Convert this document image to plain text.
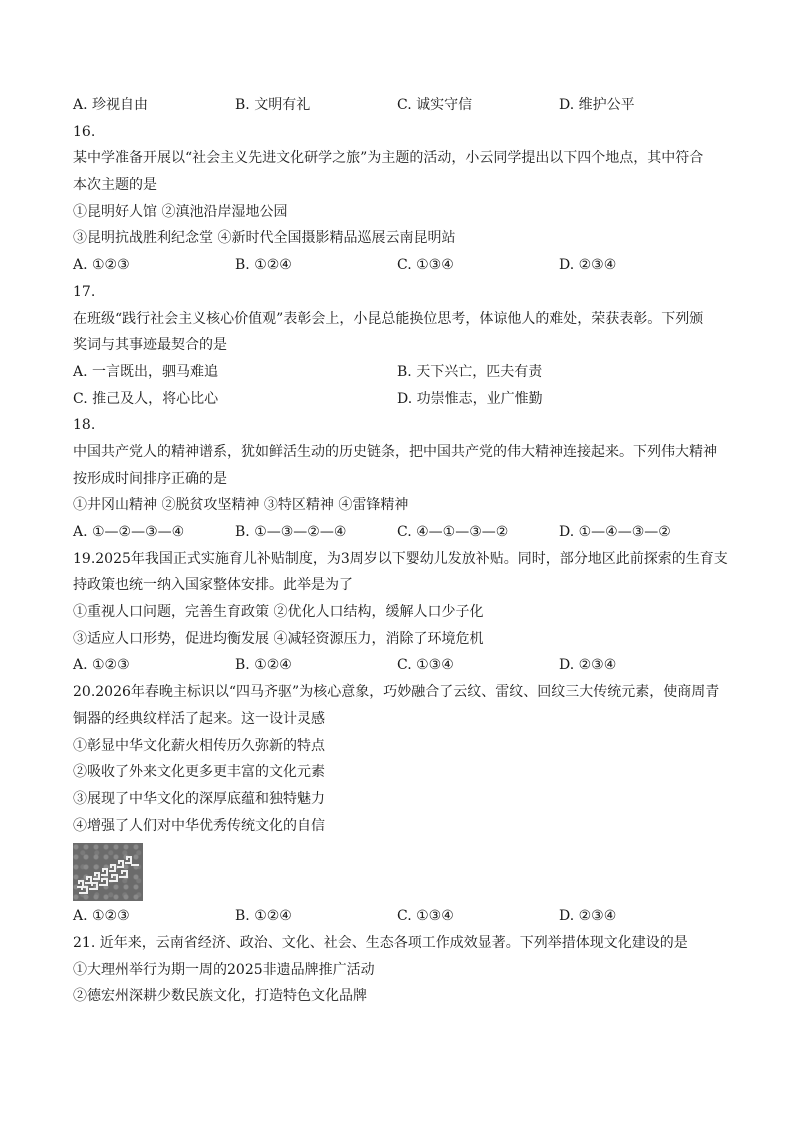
A. 珍视自由	B. 文明有礼	C. 诚实守信	D. 维护公平
16.
某中学准备开展以“社会主义先进文化研学之旅”为主题的活动，小云同学提出以下四个地点，其中符合
本次主题的是
①昆明好人馆 ②滇池沿岸湿地公园
③昆明抗战胜利纪念堂 ④新时代全国摄影精品巡展云南昆明站
A. ①②③	B. ①②④	C. ①③④	D. ②③④
17.
在班级“践行社会主义核心价值观”表彰会上，小昆总能换位思考，体谅他人的难处，荣获表彰。下列颁
奖词与其事迹最契合的是
A. 一言既出，驷马难追	B. 天下兴亡，匹夫有责
C. 推己及人，将心比心	D. 功崇惟志，业广惟勤
18.
中国共产党人的精神谱系，犹如鲜活生动的历史链条，把中国共产党的伟大精神连接起来。下列伟大精神
按形成时间排序正确的是
①井冈山精神 ②脱贫攻坚精神 ③特区精神 ④雷锋精神
A. ①—②—③—④	B. ①—③—②—④	C. ④—①—③—②	D. ①—④—③—②
19.2025年我国正式实施育儿补贴制度，为3周岁以下婴幼儿发放补贴。同时，部分地区此前探索的生育支
持政策也统一纳入国家整体安排。此举是为了
①重视人口问题，完善生育政策 ②优化人口结构，缓解人口少子化
③适应人口形势，促进均衡发展 ④减轻资源压力，消除了环境危机
A. ①②③	B. ①②④	C. ①③④	D. ②③④
20.2026年春晚主标识以“四马齐驱”为核心意象，巧妙融合了云纹、雷纹、回纹三大传统元素，使商周青
铜器的经典纹样活了起来。这一设计灵感
①彰显中华文化薪火相传历久弥新的特点
②吸收了外来文化更多更丰富的文化元素
③展现了中华文化的深厚底蕴和独特魅力
④增强了人们对中华优秀传统文化的自信
A. ①②③	B. ①②④	C. ①③④	D. ②③④
21. 近年来，云南省经济、政治、文化、社会、生态各项工作成效显著。下列举措体现文化建设的是
①大理州举行为期一周的2025非遗品牌推广活动
②德宏州深耕少数民族文化，打造特色文化品牌
